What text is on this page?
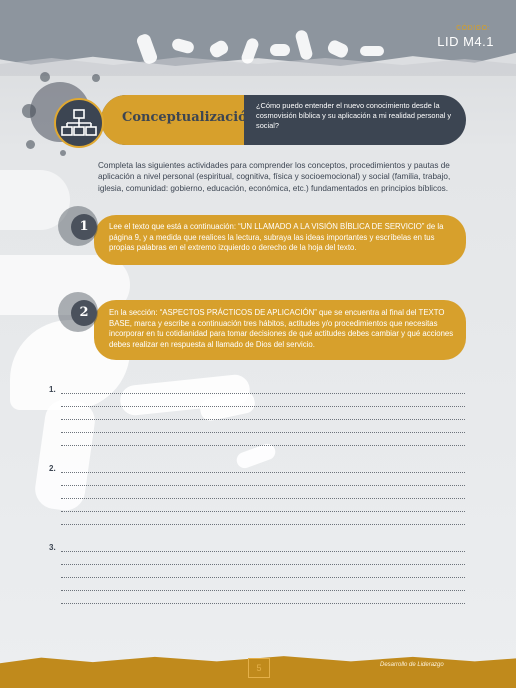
CÓDIGO:
LID M4.1
Conceptualización
¿Cómo puedo entender el nuevo conocimiento desde la cosmovisión bíblica y su aplicación a mi realidad personal y social?
Completa las siguientes actividades para comprender los conceptos, procedimientos y pautas de aplicación a nivel personal (espiritual, cognitiva, física y socioemocional) y social (familia, trabajo, iglesia, comunidad: gobierno, educación, económica, etc.) fundamentados en principios bíblicos.
1	Lee el texto que está a continuación: “UN LLAMADO A LA VISIÓN BÍBLICA DE SERVICIO” de la página 9, y a medida que realices la lectura, subraya las ideas importantes y escríbelas en tus propias palabras en el extremo izquierdo o derecho de la hoja del texto.
2	En la sección: “ASPECTOS PRÁCTICOS DE APLICACIÓN” que se encuentra al final del TEXTO BASE, marca y escribe a continuación tres hábitos, actitudes y/o procedimientos que necesitas incorporar en tu cotidianidad para tomar decisiones de qué actitudes debes cambiar y qué acciones debes realizar en respuesta al llamado de Dios del servicio.
1.
2.
3.
5	Desarrollo de Liderazgo
